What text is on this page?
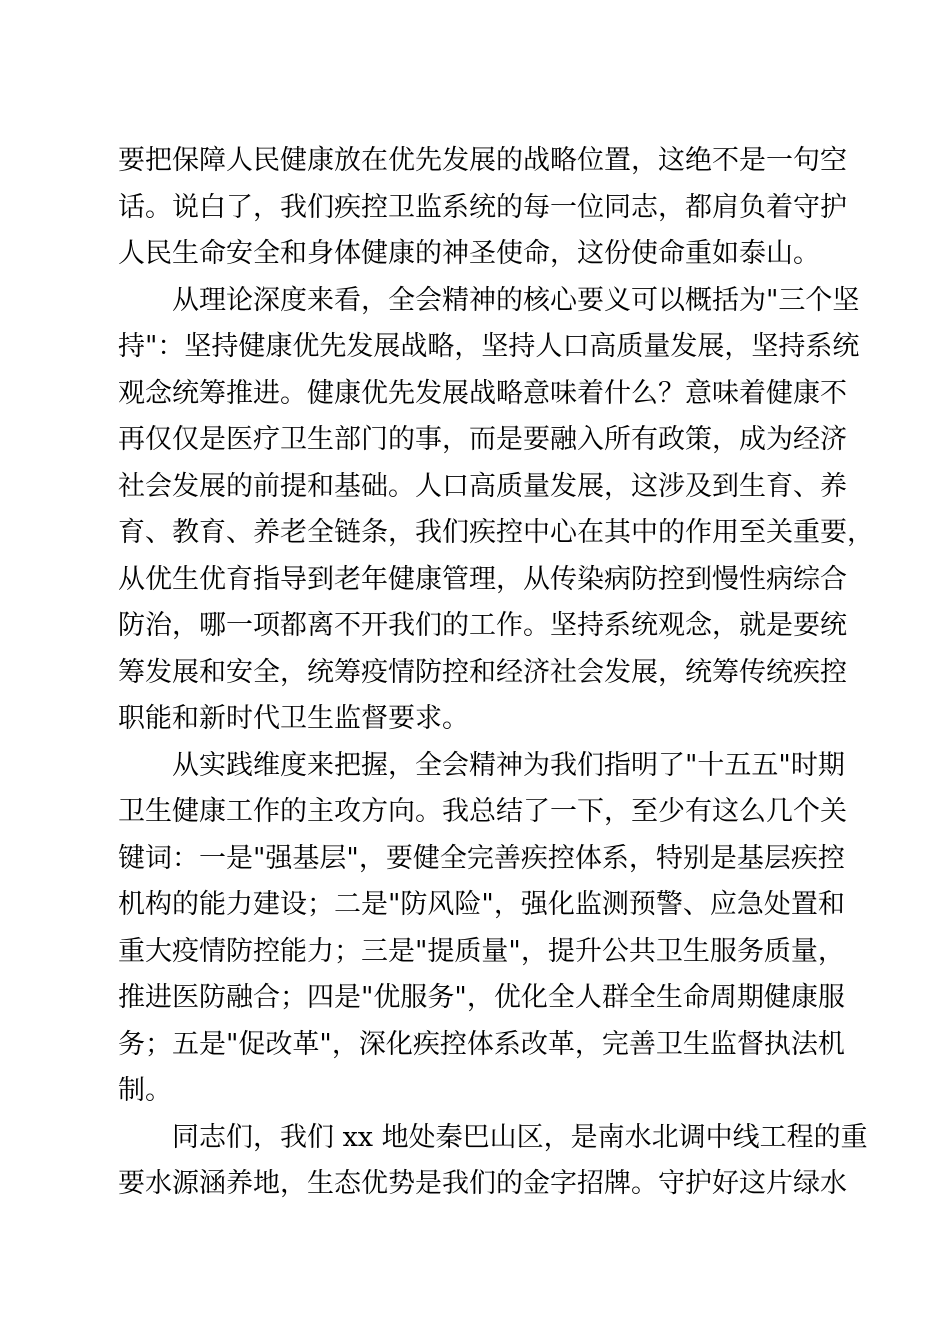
要把保障人民健康放在优先发展的战略位置，这绝不是一句空
话。说白了，我们疾控卫监系统的每一位同志，都肩负着守护
人民生命安全和身体健康的神圣使命，这份使命重如泰山。
从理论深度来看，全会精神的核心要义可以概括为"三个坚
持"：坚持健康优先发展战略，坚持人口高质量发展，坚持系统
观念统筹推进。健康优先发展战略意味着什么？意味着健康不
再仅仅是医疗卫生部门的事，而是要融入所有政策，成为经济
社会发展的前提和基础。人口高质量发展，这涉及到生育、养
育、教育、养老全链条，我们疾控中心在其中的作用至关重要，
从优生优育指导到老年健康管理，从传染病防控到慢性病综合
防治，哪一项都离不开我们的工作。坚持系统观念，就是要统
筹发展和安全，统筹疫情防控和经济社会发展，统筹传统疾控
职能和新时代卫生监督要求。
从实践维度来把握，全会精神为我们指明了"十五五"时期
卫生健康工作的主攻方向。我总结了一下，至少有这么几个关
键词：一是"强基层"，要健全完善疾控体系，特别是基层疾控
机构的能力建设；二是"防风险"，强化监测预警、应急处置和
重大疫情防控能力；三是"提质量"，提升公共卫生服务质量，
推进医防融合；四是"优服务"，优化全人群全生命周期健康服
务；五是"促改革"，深化疾控体系改革，完善卫生监督执法机
制。
同志们，我们 xx 地处秦巴山区，是南水北调中线工程的重
要水源涵养地，生态优势是我们的金字招牌。守护好这片绿水
